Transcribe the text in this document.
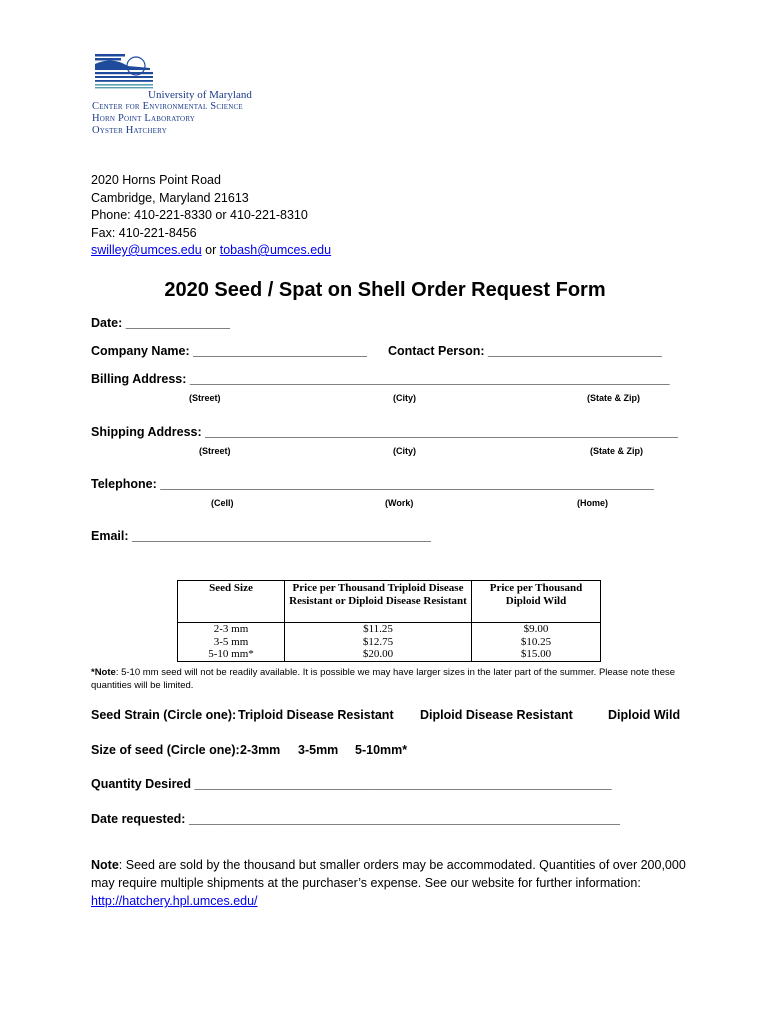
University of Maryland
Center for Environmental Science
Horn Point Laboratory
Oyster Hatchery
2020 Horns Point Road
Cambridge, Maryland 21613
Phone: 410-221-8330 or 410-221-8310
Fax: 410-221-8456
swilley@umces.edu or tobash@umces.edu
2020 Seed / Spat on Shell Order Request Form
Date: _______________
Company Name: _________________________ Contact Person: _________________________
Billing Address: _____________________________________________________________________
(Street)	(City)	(State & Zip)
Shipping Address: ____________________________________________________________________
(Street)	(City)	(State & Zip)
Telephone: _______________________________________________________________________
(Cell)	(Work)	(Home)
Email: ___________________________________________
Seed Size	Price per Thousand Triploid Disease Resistant or Diploid Disease Resistant	Price per Thousand Diploid Wild
2-3 mm	$11.25	$9.00
3-5 mm	$12.75	$10.25
5-10 mm*	$20.00	$15.00
*Note: 5-10 mm seed will not be readily available. It is possible we may have larger sizes in the later part of the summer. Please note these quantities will be limited.
Seed Strain (Circle one): Triploid Disease Resistant Diploid Disease Resistant	Diploid Wild
Size of seed (Circle one): 2-3mm 3-5mm 5-10mm*
Quantity Desired ____________________________________________________________
Date requested: ______________________________________________________________
Note: Seed are sold by the thousand but smaller orders may be accommodated. Quantities of over 200,000 may require multiple shipments at the purchaser’s expense. See our website for further information: http://hatchery.hpl.umces.edu/
